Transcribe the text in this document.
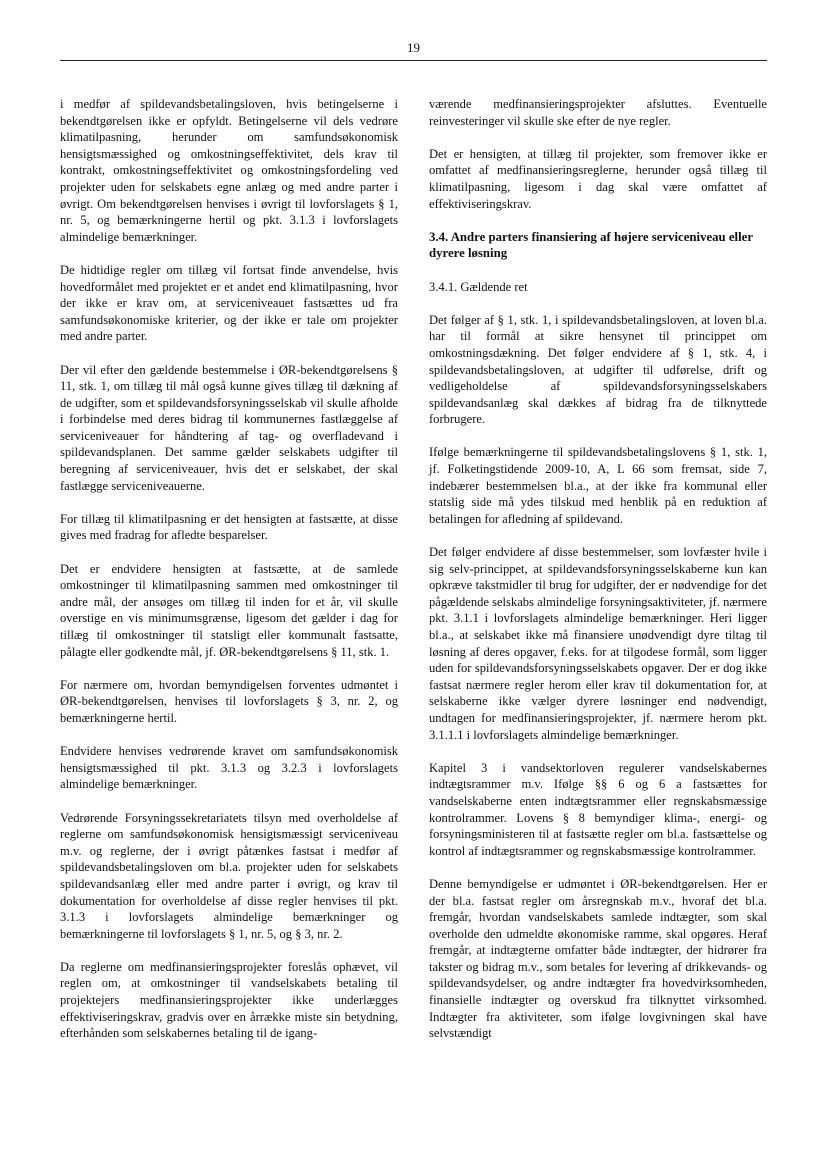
19

i medfør af spildevandsbetalingsloven, hvis betingelserne i bekendtgørelsen ikke er opfyldt. Betingelserne vil dels vedrøre klimatilpasning, herunder om samfundsøkonomisk hensigtsmæssighed og omkostningseffektivitet, dels krav til kontrakt, omkostningseffektivitet og omkostningsfordeling ved projekter uden for selskabets egne anlæg og med andre parter i øvrigt. Om bekendtgørelsen henvises i øvrigt til lovforslagets § 1, nr. 5, og bemærkningerne hertil og pkt. 3.1.3 i lovforslagets almindelige bemærkninger.

De hidtidige regler om tillæg vil fortsat finde anvendelse, hvis hovedformålet med projektet er et andet end klimatilpasning, hvor der ikke er krav om, at serviceniveauet fastsættes ud fra samfundsøkonomiske kriterier, og der ikke er tale om projekter med andre parter.

Der vil efter den gældende bestemmelse i ØR-bekendtgørelsens § 11, stk. 1, om tillæg til mål også kunne gives tillæg til dækning af de udgifter, som et spildevandsforsyningsselskab vil skulle afholde i forbindelse med deres bidrag til kommunernes fastlæggelse af serviceniveauer for håndtering af tag- og overfladevand i spildevandsplanen. Det samme gælder selskabets udgifter til beregning af serviceniveauer, hvis det er selskabet, der skal fastlægge serviceniveauerne.

For tillæg til klimatilpasning er det hensigten at fastsætte, at disse gives med fradrag for afledte besparelser.

Det er endvidere hensigten at fastsætte, at de samlede omkostninger til klimatilpasning sammen med omkostninger til andre mål, der ansøges om tillæg til inden for et år, vil skulle overstige en vis minimumsgrænse, ligesom det gælder i dag for tillæg til omkostninger til statsligt eller kommunalt fastsatte, pålagte eller godkendte mål, jf. ØR-bekendtgørelsens § 11, stk. 1.

For nærmere om, hvordan bemyndigelsen forventes udmøntet i ØR-bekendtgørelsen, henvises til lovforslagets § 3, nr. 2, og bemærkningerne hertil.

Endvidere henvises vedrørende kravet om samfundsøkonomisk hensigtsmæssighed til pkt. 3.1.3 og 3.2.3 i lovforslagets almindelige bemærkninger.

Vedrørende Forsyningssekretariatets tilsyn med overholdelse af reglerne om samfundsøkonomisk hensigtsmæssigt serviceniveau m.v. og reglerne, der i øvrigt påtænkes fastsat i medfør af spildevandsbetalingsloven om bl.a. projekter uden for selskabets spildevandsanlæg eller med andre parter i øvrigt, og krav til dokumentation for overholdelse af disse regler henvises til pkt. 3.1.3 i lovforslagets almindelige bemærkninger og bemærkningerne til lovforslagets § 1, nr. 5, og § 3, nr. 2.

Da reglerne om medfinansieringsprojekter foreslås ophævet, vil reglen om, at omkostninger til vandselskabets betaling til projektejers medfinansieringsprojekter ikke underlægges effektiviseringskrav, gradvis over en årrække miste sin betydning, efterhånden som selskabernes betaling til de igang-

værende medfinansieringsprojekter afsluttes. Eventuelle reinvesteringer vil skulle ske efter de nye regler.

Det er hensigten, at tillæg til projekter, som fremover ikke er omfattet af medfinansieringsreglerne, herunder også tillæg til klimatilpasning, ligesom i dag skal være omfattet af effektiviseringskrav.

3.4. Andre parters finansiering af højere serviceniveau eller dyrere løsning

3.4.1. Gældende ret

Det følger af § 1, stk. 1, i spildevandsbetalingsloven, at loven bl.a. har til formål at sikre hensynet til princippet om omkostningsdækning. Det følger endvidere af § 1, stk. 4, i spildevandsbetalingsloven, at udgifter til udførelse, drift og vedligeholdelse af spildevandsforsyningsselskabers spildevandsanlæg skal dækkes af bidrag fra de tilknyttede forbrugere.

Ifølge bemærkningerne til spildevandsbetalingslovens § 1, stk. 1, jf. Folketingstidende 2009-10, A, L 66 som fremsat, side 7, indebærer bestemmelsen bl.a., at der ikke fra kommunal eller statslig side må ydes tilskud med henblik på en reduktion af betalingen for afledning af spildevand.

Det følger endvidere af disse bestemmelser, som lovfæster hvile i sig selv-princippet, at spildevandsforsyningsselskaberne kun kan opkræve takstmidler til brug for udgifter, der er nødvendige for det pågældende selskabs almindelige forsyningsaktiviteter, jf. nærmere pkt. 3.1.1 i lovforslagets almindelige bemærkninger. Heri ligger bl.a., at selskabet ikke må finansiere unødvendigt dyre tiltag til løsning af deres opgaver, f.eks. for at tilgodese formål, som ligger uden for spildevandsforsyningsselskabets opgaver. Der er dog ikke fastsat nærmere regler herom eller krav til dokumentation for, at selskaberne ikke vælger dyrere løsninger end nødvendigt, undtagen for medfinansieringsprojekter, jf. nærmere herom pkt. 3.1.1.1 i lovforslagets almindelige bemærkninger.

Kapitel 3 i vandsektorloven regulerer vandselskabernes indtægtsrammer m.v. Ifølge §§ 6 og 6 a fastsættes for vandselskaberne enten indtægtsrammer eller regnskabsmæssige kontrolrammer. Lovens § 8 bemyndiger klima-, energi- og forsyningsministeren til at fastsætte regler om bl.a. fastsættelse og kontrol af indtægtsrammer og regnskabsmæssige kontrolrammer.

Denne bemyndigelse er udmøntet i ØR-bekendtgørelsen. Her er der bl.a. fastsat regler om årsregnskab m.v., hvoraf det bl.a. fremgår, hvordan vandselskabets samlede indtægter, som skal overholde den udmeldte økonomiske ramme, skal opgøres. Heraf fremgår, at indtægterne omfatter både indtægter, der hidrører fra takster og bidrag m.v., som betales for levering af drikkevands- og spildevandsydelser, og andre indtægter fra hovedvirksomheden, finansielle indtægter og overskud fra tilknyttet virksomhed. Indtægter fra aktiviteter, som ifølge lovgivningen skal have selvstændigt
